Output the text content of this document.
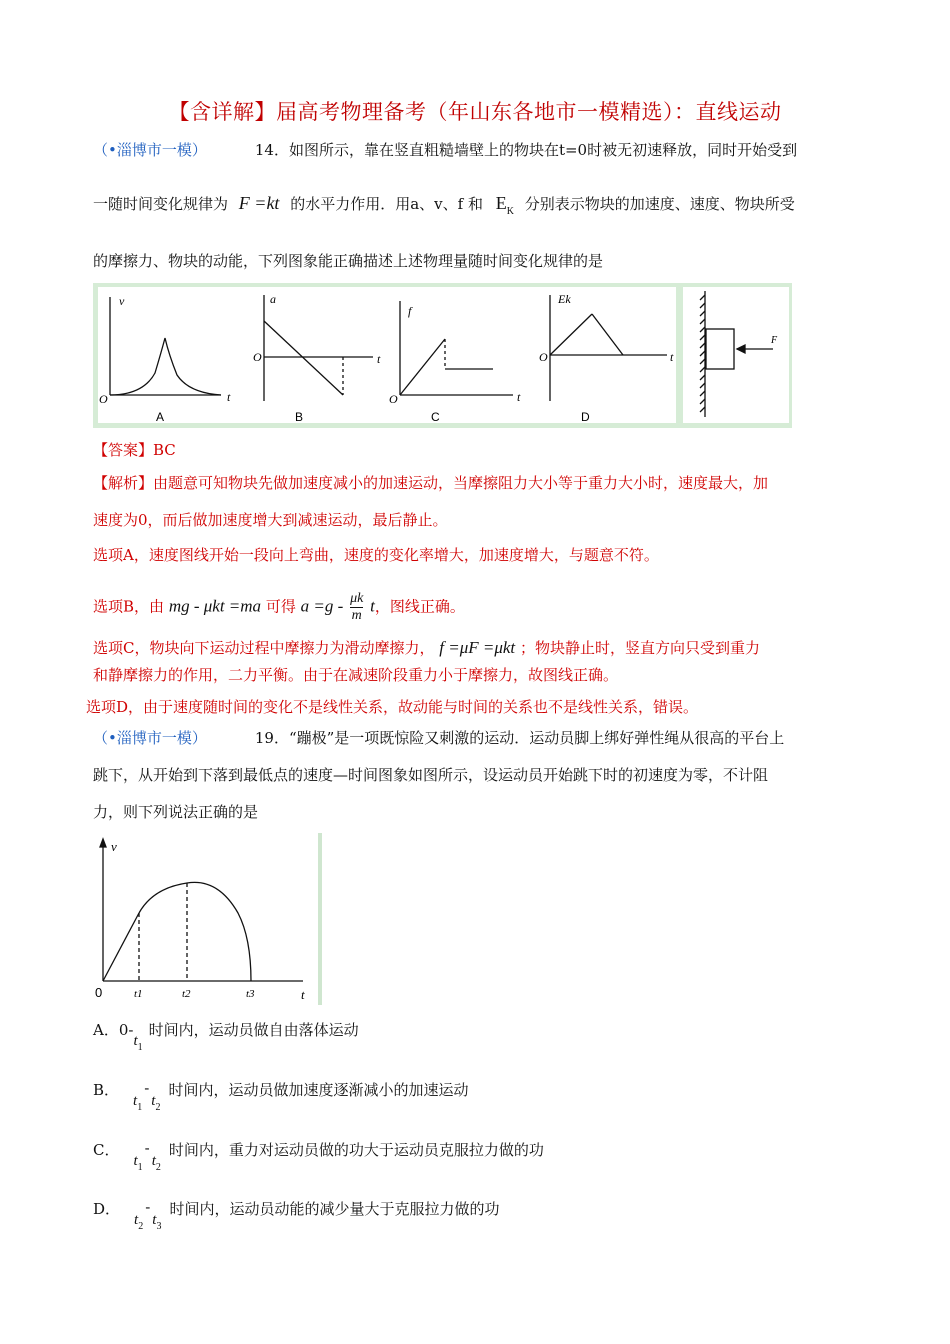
【含详解】届高考物理备考（年山东各地市一模精选）：直线运动
（•淄博市一模）	14．如图所示，靠在竖直粗糙墙壁上的物块在t=0时被无初速释放，同时开始受到
一随时间变化规律为 F =kt 的水平力作用．用a、v、f 和 $E_K$ 分别表示物块的加速度、速度、物块所受
的摩擦力、物块的动能，下列图象能正确描述上述物理量随时间变化规律的是
v
t
O
A
a
t
O
B
f
t
O
C
Ek
t
O
D
F
【答案】BC
【解析】由题意可知物块先做加速度减小的加速运动，当摩擦阻力大小等于重力大小时，速度最大，加
速度为0，而后做加速度增大到减速运动，最后静止。
选项A，速度图线开始一段向上弯曲，速度的变化率增大，加速度增大，与题意不符。
选项B，由 mg - μkt =ma 可得 $a =g - \frac{\mu k}{m}$ t，图线正确。
选项C，物块向下运动过程中摩擦力为滑动摩擦力， f =μF =μkt ；物块静止时，竖直方向只受到重力
和静摩擦力的作用，二力平衡。由于在减速阶段重力小于摩擦力，故图线正确。
选项D，由于速度随时间的变化不是线性关系，故动能与时间的关系也不是线性关系，错误。
（•淄博市一模）	19．“蹦极”是一项既惊险又刺激的运动．运动员脚上绑好弹性绳从很高的平台上
跳下，从开始到下落到最低点的速度—时间图象如图所示，设运动员开始跳下时的初速度为零，不计阻
力，则下列说法正确的是
v
t
0	t1	t2	t3
A．$0-t_1$时间内，运动员做自由落体运动
B．$t_1-t_2$时间内，运动员做加速度逐渐减小的加速运动
C．$t_1-t_2$时间内，重力对运动员做的功大于运动员克服拉力做的功
D．$t_2-t_3$时间内，运动员动能的减少量大于克服拉力做的功
